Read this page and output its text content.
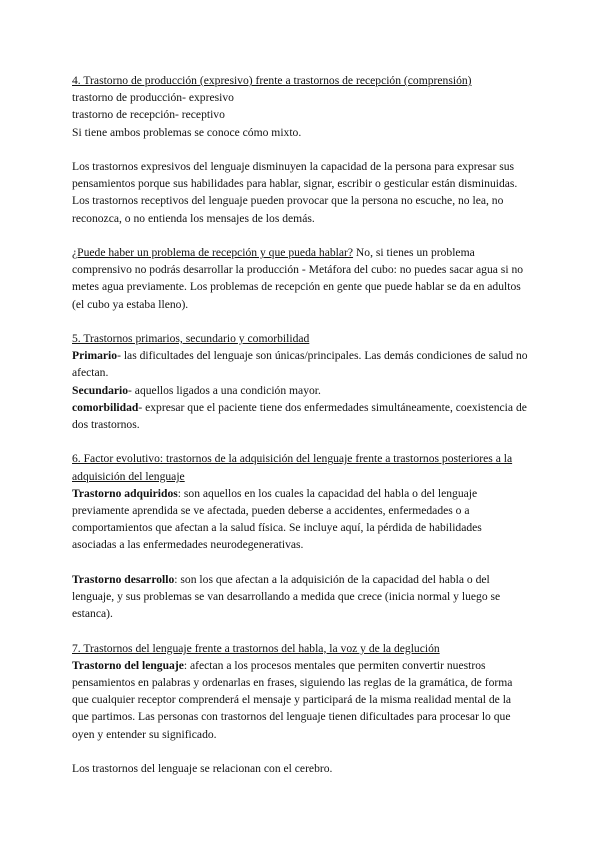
4. Trastorno de producción (expresivo) frente a trastornos de recepción (comprensión)

trastorno de producción- expresivo

trastorno de recepción- receptivo

Si tiene ambos problemas se conoce cómo mixto.

Los trastornos expresivos del lenguaje disminuyen la capacidad de la persona para expresar sus pensamientos porque sus habilidades para hablar, signar, escribir o gesticular están disminuidas. Los trastornos receptivos del lenguaje pueden provocar que la persona no escuche, no lea, no reconozca, o no entienda los mensajes de los demás.

¿Puede haber un problema de recepción y que pueda hablar? No, si tienes un problema comprensivo no podrás desarrollar la producción - Metáfora del cubo: no puedes sacar agua si no metes agua previamente. Los problemas de recepción en gente que puede hablar se da en adultos (el cubo ya estaba lleno).

5. Trastornos primarios, secundario y comorbilidad

Primario- las dificultades del lenguaje son únicas/principales. Las demás condiciones de salud no afectan.

Secundario- aquellos ligados a una condición mayor.

comorbilidad- expresar que el paciente tiene dos enfermedades simultáneamente, coexistencia de dos trastornos.

6. Factor evolutivo: trastornos de la adquisición del lenguaje frente a trastornos posteriores a la adquisición del lenguaje

Trastorno adquiridos: son aquellos en los cuales la capacidad del habla o del lenguaje previamente aprendida se ve afectada, pueden deberse a accidentes, enfermedades o a comportamientos que afectan a la salud física. Se incluye aquí, la pérdida de habilidades asociadas a las enfermedades neurodegenerativas.

Trastorno desarrollo: son los que afectan a la adquisición de la capacidad del habla o del lenguaje, y sus problemas se van desarrollando a medida que crece (inicia normal y luego se estanca).

7. Trastornos del lenguaje frente a trastornos del habla, la voz y de la deglución

Trastorno del lenguaje: afectan a los procesos mentales que permiten convertir nuestros pensamientos en palabras y ordenarlas en frases, siguiendo las reglas de la gramática, de forma que cualquier receptor comprenderá el mensaje y participará de la misma realidad mental de la que partimos. Las personas con trastornos del lenguaje tienen dificultades para procesar lo que oyen y entender su significado.

Los trastornos del lenguaje se relacionan con el cerebro.
